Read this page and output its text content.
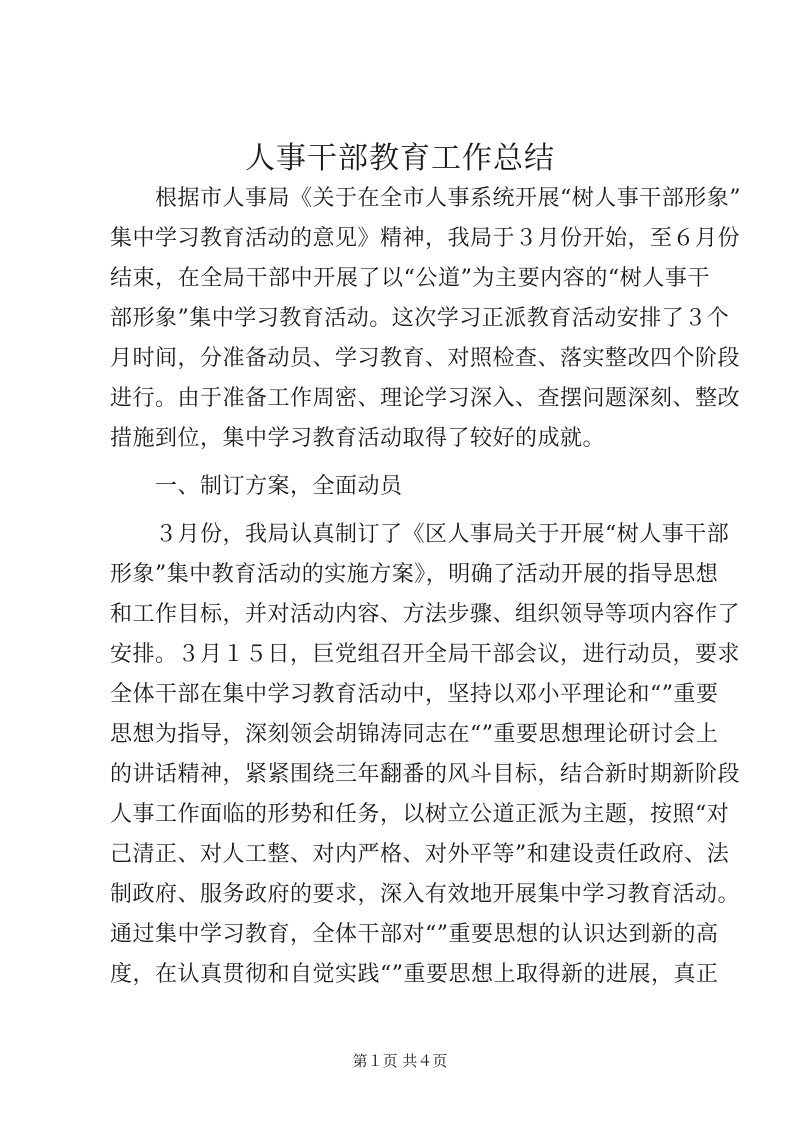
人事干部教育工作总结
　　根据市人事局《关于在全市人事系统开展“树人事干部形象”
集中学习教育活动的意见》精神，我局于３月份开始，至６月份
结束，在全局干部中开展了以“公道”为主要内容的“树人事干
部形象”集中学习教育活动。这次学习正派教育活动安排了３个
月时间，分准备动员、学习教育、对照检查、落实整改四个阶段
进行。由于准备工作周密、理论学习深入、查摆问题深刻、整改
措施到位，集中学习教育活动取得了较好的成就。
　　一、制订方案，全面动员
　　３月份，我局认真制订了《区人事局关于开展“树人事干部
形象”集中教育活动的实施方案》，明确了活动开展的指导思想
和工作目标，并对活动内容、方法步骤、组织领导等项内容作了
安排。３月１５日，巨党组召开全局干部会议，进行动员，要求
全体干部在集中学习教育活动中，坚持以邓小平理论和“”重要
思想为指导，深刻领会胡锦涛同志在“”重要思想理论研讨会上
的讲话精神，紧紧围绕三年翻番的风斗目标，结合新时期新阶段
人事工作面临的形势和任务，以树立公道正派为主题，按照“对
己清正、对人工整、对内严格、对外平等”和建设责任政府、法
制政府、服务政府的要求，深入有效地开展集中学习教育活动。
通过集中学习教育，全体干部对“”重要思想的认识达到新的高
度，在认真贯彻和自觉实践“”重要思想上取得新的进展，真正
第１页 共４页
